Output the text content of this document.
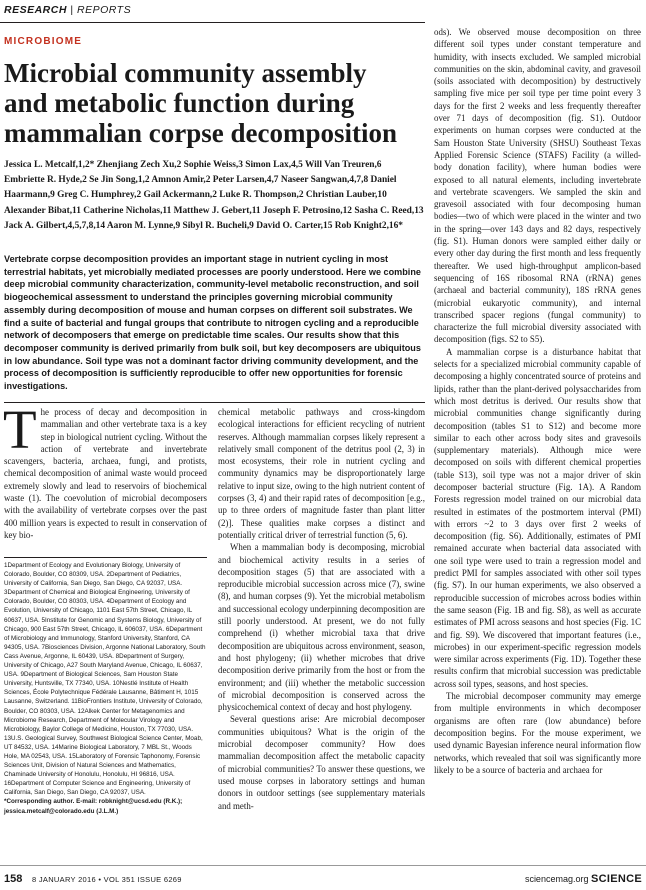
RESEARCH | REPORTS
MICROBIOME
Microbial community assembly and metabolic function during mammalian corpse decomposition
Jessica L. Metcalf,1,2* Zhenjiang Zech Xu,2 Sophie Weiss,3 Simon Lax,4,5 Will Van Treuren,6 Embriette R. Hyde,2 Se Jin Song,1,2 Amnon Amir,2 Peter Larsen,4,7 Naseer Sangwan,4,7,8 Daniel Haarmann,9 Greg C. Humphrey,2 Gail Ackermann,2 Luke R. Thompson,2 Christian Lauber,10 Alexander Bibat,11 Catherine Nicholas,11 Matthew J. Gebert,11 Joseph F. Petrosino,12 Sasha C. Reed,13 Jack A. Gilbert,4,5,7,8,14 Aaron M. Lynne,9 Sibyl R. Bucheli,9 David O. Carter,15 Rob Knight2,16*
Vertebrate corpse decomposition provides an important stage in nutrient cycling in most terrestrial habitats, yet microbially mediated processes are poorly understood. Here we combine deep microbial community characterization, community-level metabolic reconstruction, and soil biogeochemical assessment to understand the principles governing microbial community assembly during decomposition of mouse and human corpses on different soil substrates. We find a suite of bacterial and fungal groups that contribute to nitrogen cycling and a reproducible network of decomposers that emerge on predictable time scales. Our results show that this decomposer community is derived primarily from bulk soil, but key decomposers are ubiquitous in low abundance. Soil type was not a dominant factor driving community development, and the process of decomposition is sufficiently reproducible to offer new opportunities for forensic investigations.

The process of decay and decomposition in mammalian and other vertebrate taxa is a key step in biological nutrient cycling. Without the action of vertebrate and invertebrate scavengers, bacteria, archaea, fungi, and protists, chemical decomposition of animal waste would proceed extremely slowly and lead to reservoirs of biochemical waste (1). The coevolution of microbial decomposers with the availability of vertebrate corpses over the past 400 million years is expected to result in conservation of key bio-

1Department of Ecology and Evolutionary Biology, University of Colorado, Boulder, CO 80309, USA. 2Department of Pediatrics, University of California, San Diego, San Diego, CA 92037, USA. 3Department of Chemical and Biological Engineering, University of Colorado, Boulder, CO 80303, USA. 4Department of Ecology and Evolution, University of Chicago, 1101 East 57th Street, Chicago, IL 60637, USA. 5Institute for Genomic and Systems Biology, University of Chicago, 900 East 57th Street, Chicago, IL 606037, USA. 6Department of Microbiology and Immunology, Stanford University, Stanford, CA 94305, USA. 7Biosciences Division, Argonne National Laboratory, South Cass Avenue, Argonne, IL 60439, USA. 8Department of Surgery, University of Chicago, A27 South Maryland Avenue, Chicago, IL 60637, USA. 9Department of Biological Sciences, Sam Houston State University, Huntsville, TX 77340, USA. 10Nestlé Institute of Health Sciences, École Polytechnique Fédérale Lausanne, Bâtiment H, 1015 Lausanne, Switzerland. 11BioFrontiers Institute, University of Colorado, Boulder, CO 80303, USA. 12Alkek Center for Metagenomics and Microbiome Research, Department of Molecular Virology and Microbiology, Baylor College of Medicine, Houston, TX 77030, USA. 13U.S. Geological Survey, Southwest Biological Science Center, Moab, UT 84532, USA. 14Marine Biological Laboratory, 7 MBL St., Woods Hole, MA 02543, USA. 15Laboratory of Forensic Taphonomy, Forensic Sciences Unit, Division of Natural Sciences and Mathematics, Chaminade University of Honolulu, Honolulu, HI 96816, USA. 16Department of Computer Science and Engineering, University of California, San Diego, San Diego, CA 92037, USA.
*Corresponding author. E-mail: robknight@ucsd.edu (R.K.); jessica.metcalf@colorado.edu (J.L.M.)

chemical metabolic pathways and cross-kingdom ecological interactions for efficient recycling of nutrient reserves. Although mammalian corpses likely represent a relatively small component of the detritus pool (2, 3) in most ecosystems, their role in nutrient cycling and community dynamics may be disproportionately large relative to input size, owing to the high nutrient content of corpses (3, 4) and their rapid rates of decomposition [e.g., up to three orders of magnitude faster than plant litter (2)]. These qualities make corpses a distinct and potentially critical driver of terrestrial function (5, 6).

When a mammalian body is decomposing, microbial and biochemical activity results in a series of decomposition stages (5) that are associated with a reproducible microbial succession across mice (7), swine (8), and human corpses (9). Yet the microbial metabolism and successional ecology underpinning decomposition are still poorly understood. At present, we do not fully comprehend (i) whether microbial taxa that drive decomposition are ubiquitous across environment, season, and host phylogeny; (ii) whether microbes that drive decomposition derive primarily from the host or from the environment; and (iii) whether the metabolic succession of microbial decomposition is conserved across the physicochemical context of decay and host phylogeny.

Several questions arise: Are microbial decomposer communities ubiquitous? What is the origin of the microbial decomposer community? How does mammalian decomposition affect the metabolic capacity of microbial communities? To answer these questions, we used mouse corpses in laboratory settings and human donors in outdoor settings (see supplementary materials and meth-

ods). We observed mouse decomposition on three different soil types under constant temperature and humidity, with insects excluded. We sampled microbial communities on the skin, abdominal cavity, and gravesoil (soils associated with decomposition) by destructively sampling five mice per soil type per time point every 3 days for the first 2 weeks and less frequently thereafter over 71 days of decomposition (fig. S1). Outdoor experiments on human corpses were conducted at the Sam Houston State University (SHSU) Southeast Texas Applied Forensic Science (STAFS) Facility (a willed-body donation facility), where human bodies were exposed to all natural elements, including invertebrate and vertebrate scavengers. We sampled the skin and gravesoil associated with four decomposing human bodies—two of which were placed in the winter and two in the spring—over 143 days and 82 days, respectively (fig. S1). Human donors were sampled either daily or every other day during the first month and less frequently thereafter. We used high-throughput amplicon-based sequencing of 16S ribosomal RNA (rRNA) genes (archaeal and bacterial community), 18S rRNA genes (microbial eukaryotic community), and internal transcribed spacer regions (fungal community) to characterize the full microbial diversity associated with decomposition (figs. S2 to S5).

A mammalian corpse is a disturbance habitat that selects for a specialized microbial community capable of decomposing a highly concentrated source of proteins and lipids, rather than the plant-derived polysaccharides from which most detritus is derived. Our results show that microbial communities change significantly during decomposition (tables S1 to S12) and become more similar to each other across body sites and gravesoils (supplementary materials). Although mice were decomposed on soils with different chemical properties (table S13), soil type was not a major driver of skin decomposer bacterial structure (Fig. 1A). A Random Forests regression model trained on our microbial data resulted in estimates of the postmortem interval (PMI) with errors ~2 to 3 days over first 2 weeks of decomposition (fig. S6). Additionally, estimates of PMI remained accurate when bacterial data associated with one soil type were used to train a regression model and predict PMI for samples associated with other soil types (fig. S7). In our human experiments, we also observed a reproducible succession of microbes across bodies within the same season (Fig. 1B and fig. S8), as well as accurate estimates of PMI across seasons and host species (Fig. 1C and fig. S9). We discovered that important features (i.e., microbes) in our experiment-specific regression models were similar across experiments (Fig. 1D). Together these results confirm that microbial succession was predictable across soil types, seasons, and host species.

The microbial decomposer community may emerge from multiple environments in which decomposer organisms are often rare (low abundance) before decomposition begins. For the mouse experiment, we used dynamic Bayesian inference neural information flow networks, which revealed that soil was significantly more likely to be a source of bacteria and archaea for

158 8 JANUARY 2016 • VOL 351 ISSUE 6269	sciencemag.org SCIENCE
